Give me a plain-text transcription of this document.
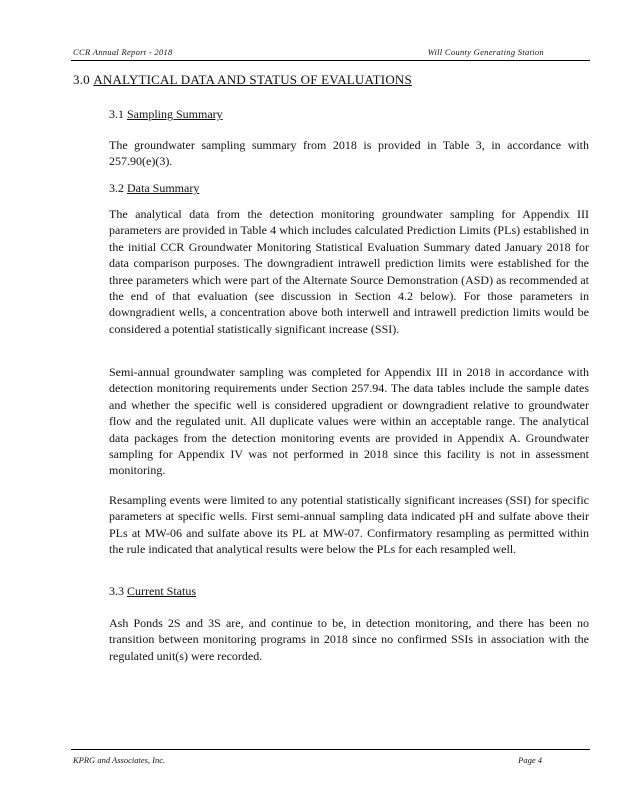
CCR Annual Report - 2018	Will County Generating Station
3.0 ANALYTICAL DATA AND STATUS OF EVALUATIONS
3.1 Sampling Summary
The groundwater sampling summary from 2018 is provided in Table 3, in accordance with 257.90(e)(3).
3.2 Data Summary
The analytical data from the detection monitoring groundwater sampling for Appendix III parameters are provided in Table 4 which includes calculated Prediction Limits (PLs) established in the initial CCR Groundwater Monitoring Statistical Evaluation Summary dated January 2018 for data comparison purposes. The downgradient intrawell prediction limits were established for the three parameters which were part of the Alternate Source Demonstration (ASD) as recommended at the end of that evaluation (see discussion in Section 4.2 below). For those parameters in downgradient wells, a concentration above both interwell and intrawell prediction limits would be considered a potential statistically significant increase (SSI).
Semi-annual groundwater sampling was completed for Appendix III in 2018 in accordance with detection monitoring requirements under Section 257.94. The data tables include the sample dates and whether the specific well is considered upgradient or downgradient relative to groundwater flow and the regulated unit. All duplicate values were within an acceptable range. The analytical data packages from the detection monitoring events are provided in Appendix A. Groundwater sampling for Appendix IV was not performed in 2018 since this facility is not in assessment monitoring.
Resampling events were limited to any potential statistically significant increases (SSI) for specific parameters at specific wells. First semi-annual sampling data indicated pH and sulfate above their PLs at MW-06 and sulfate above its PL at MW-07. Confirmatory resampling as permitted within the rule indicated that analytical results were below the PLs for each resampled well.
3.3 Current Status
Ash Ponds 2S and 3S are, and continue to be, in detection monitoring, and there has been no transition between monitoring programs in 2018 since no confirmed SSIs in association with the regulated unit(s) were recorded.
KPRG and Associates, Inc.	Page 4
